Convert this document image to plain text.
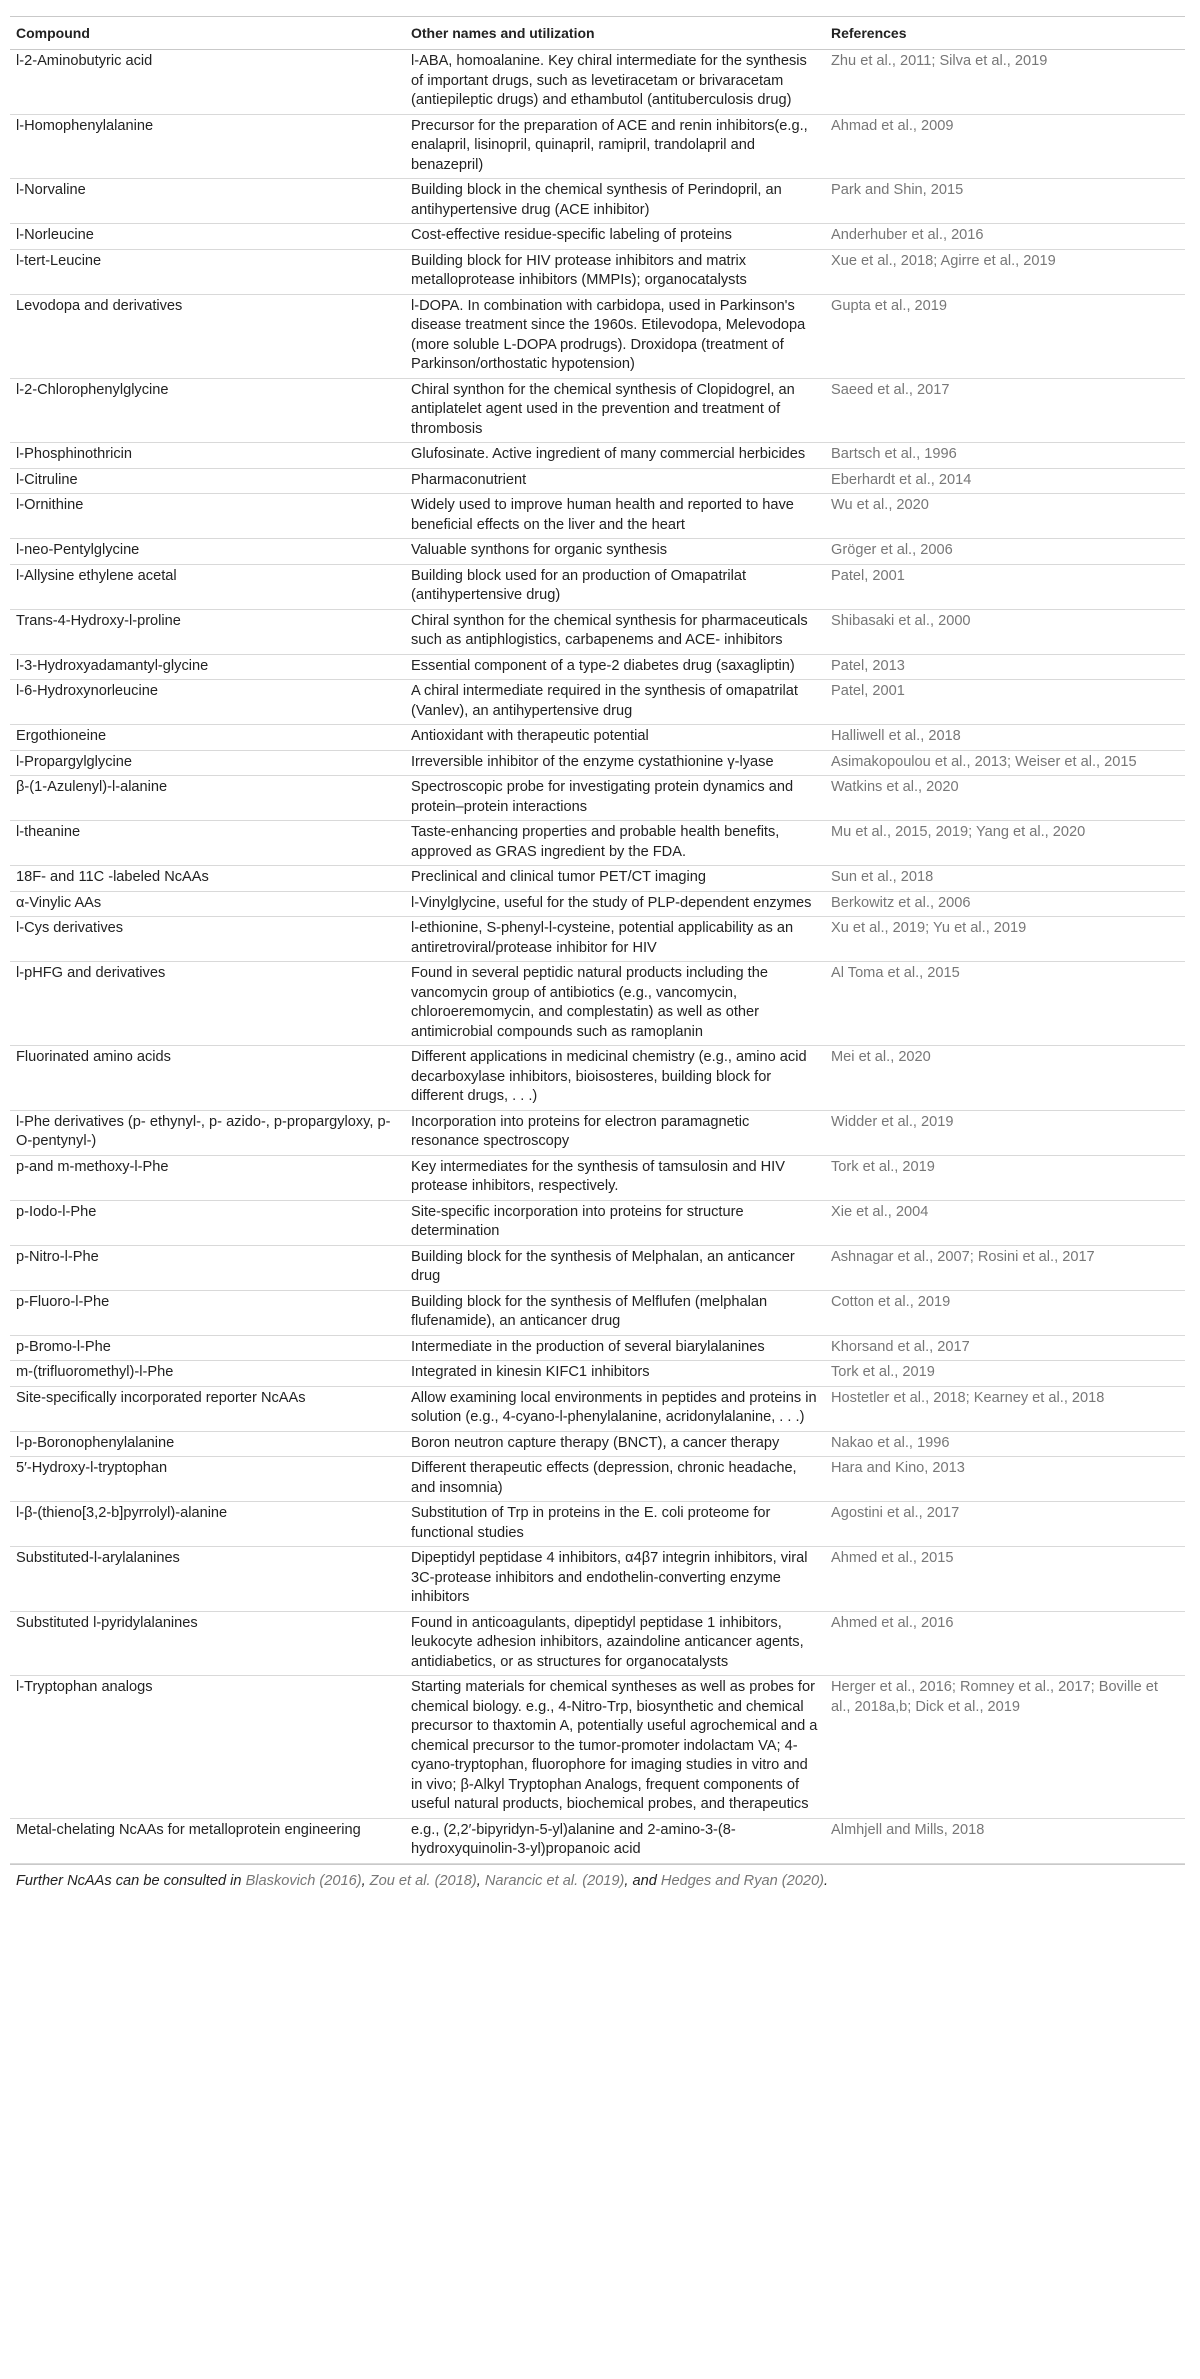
Compound	Other names and utilization	References
l-2-Aminobutyric acid	l-ABA, homoalanine. Key chiral intermediate for the synthesis of important drugs, such as levetiracetam or brivaracetam (antiepileptic drugs) and ethambutol (antituberculosis drug)	Zhu et al., 2011; Silva et al., 2019
l-Homophenylalanine	Precursor for the preparation of ACE and renin inhibitors(e.g., enalapril, lisinopril, quinapril, ramipril, trandolapril and benazepril)	Ahmad et al., 2009
l-Norvaline	Building block in the chemical synthesis of Perindopril, an antihypertensive drug (ACE inhibitor)	Park and Shin, 2015
l-Norleucine	Cost-effective residue-specific labeling of proteins	Anderhuber et al., 2016
l-tert-Leucine	Building block for HIV protease inhibitors and matrix metalloprotease inhibitors (MMPIs); organocatalysts	Xue et al., 2018; Agirre et al., 2019
Levodopa and derivatives	l-DOPA. In combination with carbidopa, used in Parkinson's disease treatment since the 1960s. Etilevodopa, Melevodopa (more soluble L-DOPA prodrugs). Droxidopa (treatment of Parkinson/orthostatic hypotension)	Gupta et al., 2019
l-2-Chlorophenylglycine	Chiral synthon for the chemical synthesis of Clopidogrel, an antiplatelet agent used in the prevention and treatment of thrombosis	Saeed et al., 2017
l-Phosphinothricin	Glufosinate. Active ingredient of many commercial herbicides	Bartsch et al., 1996
l-Citruline	Pharmaconutrient	Eberhardt et al., 2014
l-Ornithine	Widely used to improve human health and reported to have beneficial effects on the liver and the heart	Wu et al., 2020
l-neo-Pentylglycine	Valuable synthons for organic synthesis	Gröger et al., 2006
l-Allysine ethylene acetal	Building block used for an production of Omapatrilat (antihypertensive drug)	Patel, 2001
Trans-4-Hydroxy-l-proline	Chiral synthon for the chemical synthesis for pharmaceuticals such as antiphlogistics, carbapenems and ACE- inhibitors	Shibasaki et al., 2000
l-3-Hydroxyadamantyl-glycine	Essential component of a type-2 diabetes drug (saxagliptin)	Patel, 2013
l-6-Hydroxynorleucine	A chiral intermediate required in the synthesis of omapatrilat (Vanlev), an antihypertensive drug	Patel, 2001
Ergothioneine	Antioxidant with therapeutic potential	Halliwell et al., 2018
l-Propargylglycine	Irreversible inhibitor of the enzyme cystathionine γ-lyase	Asimakopoulou et al., 2013; Weiser et al., 2015
β-(1-Azulenyl)-l-alanine	Spectroscopic probe for investigating protein dynamics and protein–protein interactions	Watkins et al., 2020
l-theanine	Taste-enhancing properties and probable health benefits, approved as GRAS ingredient by the FDA.	Mu et al., 2015, 2019; Yang et al., 2020
18F- and 11C -labeled NcAAs	Preclinical and clinical tumor PET/CT imaging	Sun et al., 2018
α-Vinylic AAs	l-Vinylglycine, useful for the study of PLP-dependent enzymes	Berkowitz et al., 2006
l-Cys derivatives	l-ethionine, S-phenyl-l-cysteine, potential applicability as an antiretroviral/protease inhibitor for HIV	Xu et al., 2019; Yu et al., 2019
l-pHFG and derivatives	Found in several peptidic natural products including the vancomycin group of antibiotics (e.g., vancomycin, chloroeremomycin, and complestatin) as well as other antimicrobial compounds such as ramoplanin	Al Toma et al., 2015
Fluorinated amino acids	Different applications in medicinal chemistry (e.g., amino acid decarboxylase inhibitors, bioisosteres, building block for different drugs, . . .)	Mei et al., 2020
l-Phe derivatives (p- ethynyl-, p- azido-, p-propargyloxy, p-O-pentynyl-)	Incorporation into proteins for electron paramagnetic resonance spectroscopy	Widder et al., 2019
p-and m-methoxy-l-Phe	Key intermediates for the synthesis of tamsulosin and HIV protease inhibitors, respectively.	Tork et al., 2019
p-Iodo-l-Phe	Site-specific incorporation into proteins for structure determination	Xie et al., 2004
p-Nitro-l-Phe	Building block for the synthesis of Melphalan, an anticancer drug	Ashnagar et al., 2007; Rosini et al., 2017
p-Fluoro-l-Phe	Building block for the synthesis of Melflufen (melphalan flufenamide), an anticancer drug	Cotton et al., 2019
p-Bromo-l-Phe	Intermediate in the production of several biarylalanines	Khorsand et al., 2017
m-(trifluoromethyl)-l-Phe	Integrated in kinesin KIFC1 inhibitors	Tork et al., 2019
Site-specifically incorporated reporter NcAAs	Allow examining local environments in peptides and proteins in solution (e.g., 4-cyano-l-phenylalanine, acridonylalanine, . . .)	Hostetler et al., 2018; Kearney et al., 2018
l-p-Boronophenylalanine	Boron neutron capture therapy (BNCT), a cancer therapy	Nakao et al., 1996
5′-Hydroxy-l-tryptophan	Different therapeutic effects (depression, chronic headache, and insomnia)	Hara and Kino, 2013
l-β-(thieno[3,2-b]pyrrolyl)-alanine	Substitution of Trp in proteins in the E. coli proteome for functional studies	Agostini et al., 2017
Substituted-l-arylalanines	Dipeptidyl peptidase 4 inhibitors, α4β7 integrin inhibitors, viral 3C-protease inhibitors and endothelin-converting enzyme inhibitors	Ahmed et al., 2015
Substituted l-pyridylalanines	Found in anticoagulants, dipeptidyl peptidase 1 inhibitors, leukocyte adhesion inhibitors, azaindoline anticancer agents, antidiabetics, or as structures for organocatalysts	Ahmed et al., 2016
l-Tryptophan analogs	Starting materials for chemical syntheses as well as probes for chemical biology. e.g., 4-Nitro-Trp, biosynthetic and chemical precursor to thaxtomin A, potentially useful agrochemical and a chemical precursor to the tumor-promoter indolactam VA; 4-cyano-tryptophan, fluorophore for imaging studies in vitro and in vivo; β-Alkyl Tryptophan Analogs, frequent components of useful natural products, biochemical probes, and therapeutics	Herger et al., 2016; Romney et al., 2017; Boville et al., 2018a,b; Dick et al., 2019
Metal-chelating NcAAs for metalloprotein engineering	e.g., (2,2′-bipyridyn-5-yl)alanine and 2-amino-3-(8-hydroxyquinolin-3-yl)propanoic acid	Almhjell and Mills, 2018
Further NcAAs can be consulted in Blaskovich (2016), Zou et al. (2018), Narancic et al. (2019), and Hedges and Ryan (2020).
